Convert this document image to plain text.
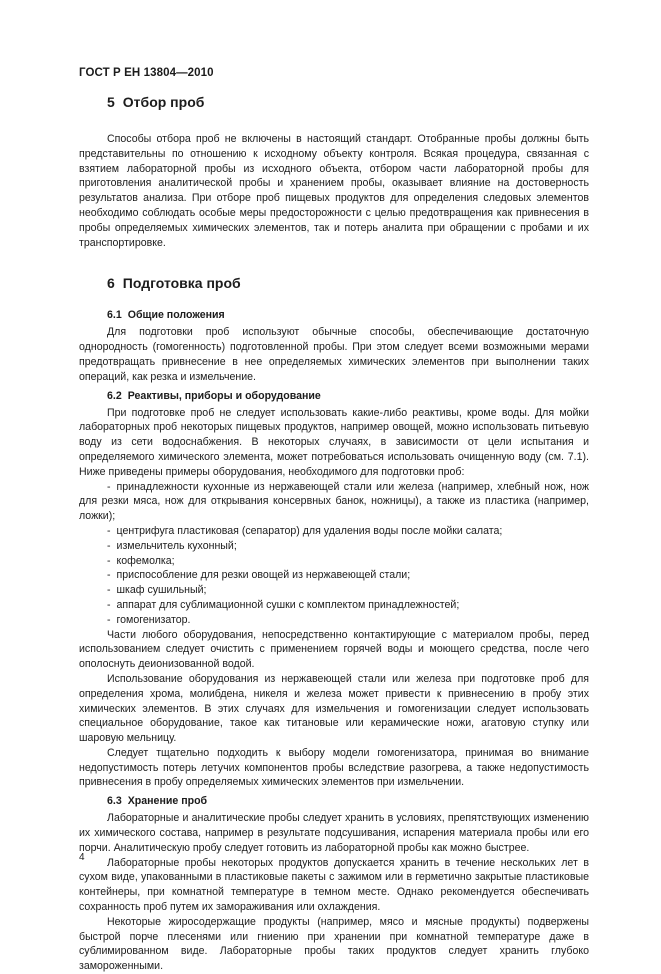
ГОСТ Р ЕН 13804—2010
5 Отбор проб

Способы отбора проб не включены в настоящий стандарт. Отобранные пробы должны быть представительны по отношению к исходному объекту контроля. Всякая процедура, связанная с взятием лабораторной пробы из исходного объекта, отбором части лабораторной пробы для приготовления аналитической пробы и хранением пробы, оказывает влияние на достоверность результатов анализа. При отборе проб пищевых продуктов для определения следовых элементов необходимо соблюдать особые меры предосторожности с целью предотвращения как привнесения в пробы определяемых химических элементов, так и потерь аналита при обращении с пробами и их транспортировке.

6 Подготовка проб
6.1 Общие положения

Для подготовки проб используют обычные способы, обеспечивающие достаточную однородность (гомогенность) подготовленной пробы. При этом следует всеми возможными мерами предотвращать привнесение в нее определяемых химических элементов при выполнении таких операций, как резка и измельчение.

6.2 Реактивы, приборы и оборудование

При подготовке проб не следует использовать какие-либо реактивы, кроме воды. Для мойки лабораторных проб некоторых пищевых продуктов, например овощей, можно использовать питьевую воду из сети водоснабжения. В некоторых случаях, в зависимости от цели испытания и определяемого химического элемента, может потребоваться использовать очищенную воду (см. 7.1). Ниже приведены примеры оборудования, необходимого для подготовки проб:

- принадлежности кухонные из нержавеющей стали или железа (например, хлебный нож, нож для резки мяса, нож для открывания консервных банок, ножницы), а также из пластика (например, ложки);

- центрифуга пластиковая (сепаратор) для удаления воды после мойки салата;

- измельчитель кухонный;

- кофемолка;

- приспособление для резки овощей из нержавеющей стали;

- шкаф сушильный;

- аппарат для сублимационной сушки с комплектом принадлежностей;

- гомогенизатор.

Части любого оборудования, непосредственно контактирующие с материалом пробы, перед использованием следует очистить с применением горячей воды и моющего средства, после чего ополоснуть деионизованной водой.

Использование оборудования из нержавеющей стали или железа при подготовке проб для определения хрома, молибдена, никеля и железа может привести к привнесению в пробу этих химических элементов. В этих случаях для измельчения и гомогенизации следует использовать специальное оборудование, такое как титановые или керамические ножи, агатовую ступку или шаровую мельницу.

Следует тщательно подходить к выбору модели гомогенизатора, принимая во внимание недопустимость потерь летучих компонентов пробы вследствие разогрева, а также недопустимость привнесения в пробу определяемых химических элементов при измельчении.

6.3 Хранение проб

Лабораторные и аналитические пробы следует хранить в условиях, препятствующих изменению их химического состава, например в результате подсушивания, испарения материала пробы или его порчи. Аналитическую пробу следует готовить из лабораторной пробы как можно быстрее.

Лабораторные пробы некоторых продуктов допускается хранить в течение нескольких лет в сухом виде, упакованными в пластиковые пакеты с зажимом или в герметично закрытые пластиковые контейнеры, при комнатной температуре в темном месте. Однако рекомендуется обеспечивать сохранность проб путем их замораживания или охлаждения.

Некоторые жиросодержащие продукты (например, мясо и мясные продукты) подвержены быстрой порче плесенями или гниению при хранении при комнатной температуре даже в сублимированном виде. Лабораторные пробы таких продуктов следует хранить глубоко замороженными.

4
